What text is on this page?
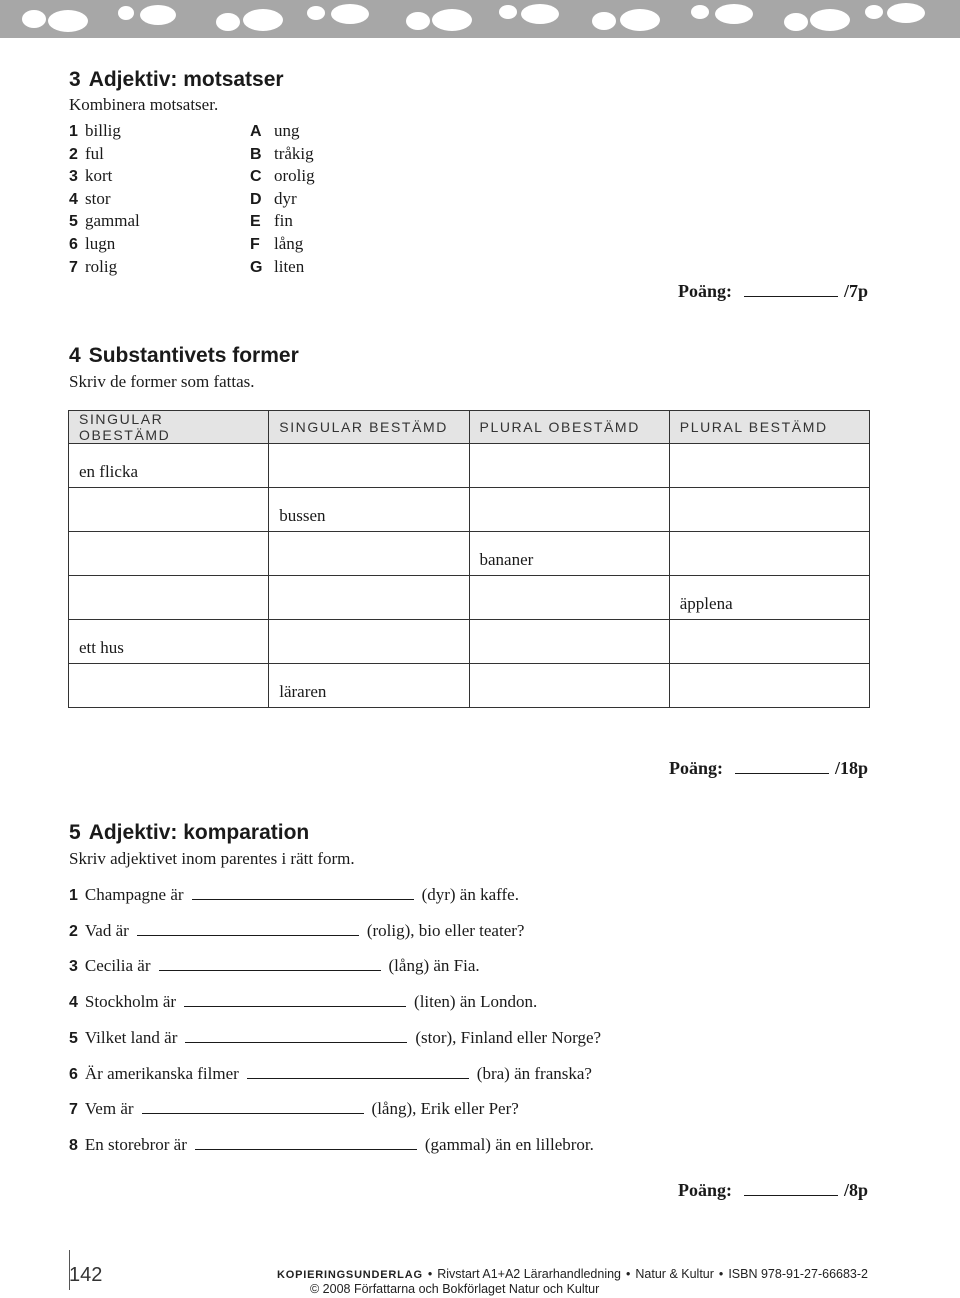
3 Adjektiv: motsatser
Kombinera motsatser.
1 billig
2 ful
3 kort
4 stor
5 gammal
6 lugn
7 rolig
A ung
B tråkig
C orolig
D dyr
E fin
F lång
G liten
Poäng:	/7p
4 Substantivets former
Skriv de former som fattas.
SINGULAR OBESTÄMD	SINGULAR BESTÄMD	PLURAL OBESTÄMD	PLURAL BESTÄMD
en flicka			
	bussen		
		bananer	
			äpplena
ett hus			
	läraren		
Poäng:	/18p
5 Adjektiv: komparation
Skriv adjektivet inom parentes i rätt form.
1 Champagne är	(dyr) än kaffe.
2 Vad är	(rolig), bio eller teater?
3 Cecilia är	(lång) än Fia.
4 Stockholm är	(liten) än London.
5 Vilket land är	(stor), Finland eller Norge?
6 Är amerikanska filmer	(bra) än franska?
7 Vem är	(lång), Erik eller Per?
8 En storebror är	(gammal) än en lillebror.
Poäng:	/8p
142	KOPIERINGSUNDERLAG • Rivstart A1+A2 Lärarhandledning • Natur & Kultur • ISBN 978-91-27-66683-2
© 2008 Författarna och Bokförlaget Natur och Kultur
